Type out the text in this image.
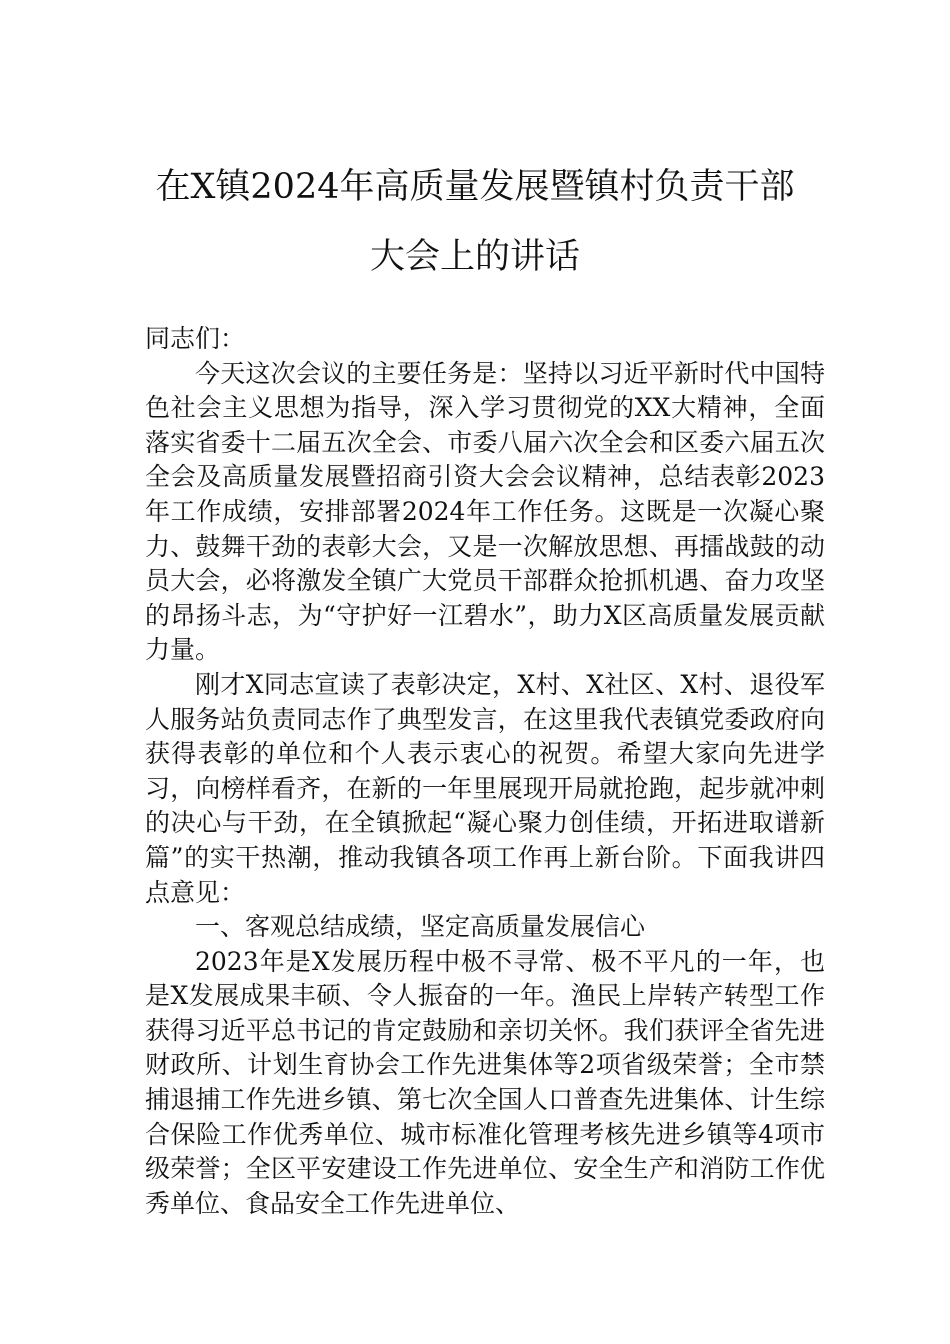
在X镇2024年高质量发展暨镇村负责干部
大会上的讲话

同志们：

今天这次会议的主要任务是：坚持以习近平新时代中国特色社会主义思想为指导，深入学习贯彻党的XX大精神，全面落实省委十二届五次全会、市委八届六次全会和区委六届五次全会及高质量发展暨招商引资大会会议精神，总结表彰2023年工作成绩，安排部署2024年工作任务。这既是一次凝心聚力、鼓舞干劲的表彰大会，又是一次解放思想、再擂战鼓的动员大会，必将激发全镇广大党员干部群众抢抓机遇、奋力攻坚的昂扬斗志，为“守护好一江碧水”，助力X区高质量发展贡献力量。

刚才X同志宣读了表彰决定，X村、X社区、X村、退役军人服务站负责同志作了典型发言，在这里我代表镇党委政府向获得表彰的单位和个人表示衷心的祝贺。希望大家向先进学习，向榜样看齐，在新的一年里展现开局就抢跑，起步就冲刺的决心与干劲，在全镇掀起“凝心聚力创佳绩，开拓进取谱新篇”的实干热潮，推动我镇各项工作再上新台阶。下面我讲四点意见：

一、客观总结成绩，坚定高质量发展信心

2023年是X发展历程中极不寻常、极不平凡的一年，也是X发展成果丰硕、令人振奋的一年。渔民上岸转产转型工作获得习近平总书记的肯定鼓励和亲切关怀。我们获评全省先进财政所、计划生育协会工作先进集体等2项省级荣誉；全市禁捕退捕工作先进乡镇、第七次全国人口普查先进集体、计生综合保险工作优秀单位、城市标准化管理考核先进乡镇等4项市级荣誉；全区平安建设工作先进单位、安全生产和消防工作优秀单位、食品安全工作先进单位、
